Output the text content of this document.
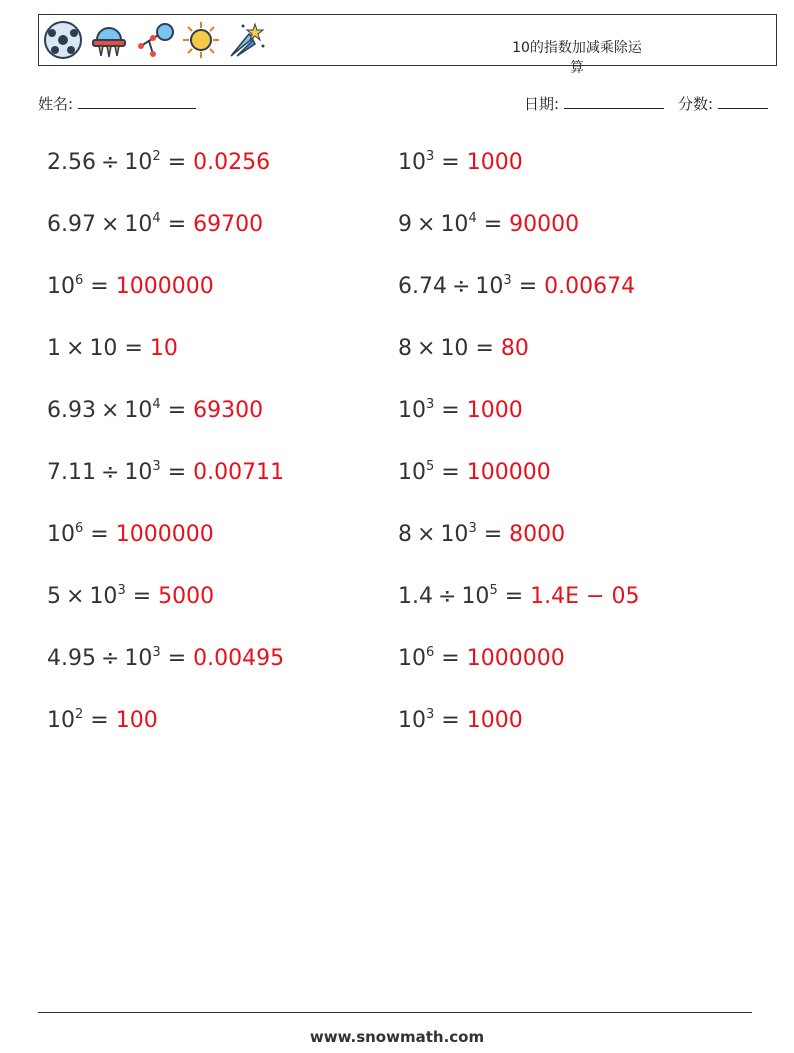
10的指数加减乘除运算
姓名:	日期:	分数:
$2.56 \div 10^2 = 0.0256$
$6.97 \times 10^4 = 69700$
$10^6 = 1000000$
1 × 10 = 10
$6.93 \times 10^4 = 69300$
$7.11 \div 10^3 = 0.00711$
$10^6 = 1000000$
$5 \times 10^3 = 5000$
$4.95 \div 10^3 = 0.00495$
$10^2 = 100$
$10^3 = 1000$
$9 \times 10^4 = 90000$
$6.74 \div 10^3 = 0.00674$
8 × 10 = 80
$10^3 = 1000$
$10^5 = 100000$
$8 \times 10^3 = 8000$
$1.4 \div 10^5 = 1.4E - 05$
$10^6 = 1000000$
$10^3 = 1000$
www.snowmath.com
